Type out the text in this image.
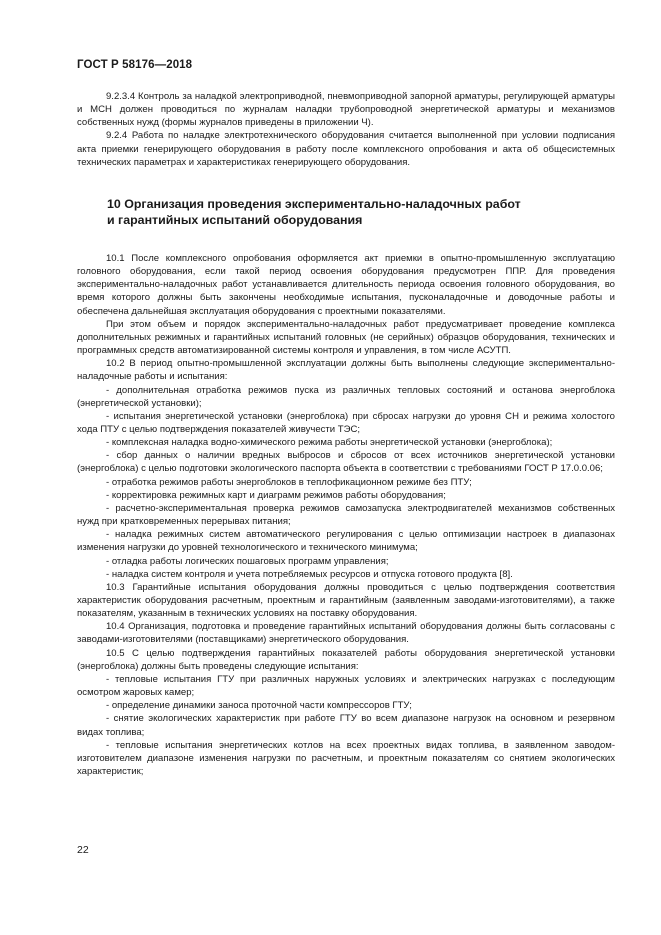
ГОСТ Р 58176—2018

9.2.3.4 Контроль за наладкой электроприводной, пневмоприводной запорной арматуры, регулирующей арматуры и МСН должен проводиться по журналам наладки трубопроводной энергетической арматуры и механизмов собственных нужд (формы журналов приведены в приложении Ч).

9.2.4 Работа по наладке электротехнического оборудования считается выполненной при условии подписания акта приемки генерирующего оборудования в работу после комплексного опробования и акта об общесистемных технических параметрах и характеристиках генерирующего оборудования.

10 Организация проведения экспериментально-наладочных работ
и гарантийных испытаний оборудования

10.1 После комплексного опробования оформляется акт приемки в опытно-промышленную эксплуатацию головного оборудования, если такой период освоения оборудования предусмотрен ППР. Для проведения экспериментально-наладочных работ устанавливается длительность периода освоения головного оборудования, во время которого должны быть закончены необходимые испытания, пусконаладочные и доводочные работы и обеспечена дальнейшая эксплуатация оборудования с проектными показателями.

При этом объем и порядок экспериментально-наладочных работ предусматривает проведение комплекса дополнительных режимных и гарантийных испытаний головных (не серийных) образцов оборудования, технических и программных средств автоматизированной системы контроля и управления, в том числе АСУТП.

10.2 В период опытно-промышленной эксплуатации должны быть выполнены следующие экспериментально-наладочные работы и испытания:

- дополнительная отработка режимов пуска из различных тепловых состояний и останова энергоблока (энергетической установки);

- испытания энергетической установки (энергоблока) при сбросах нагрузки до уровня СН и режима холостого хода ПТУ с целью подтверждения показателей живучести ТЭС;

- комплексная наладка водно-химического режима работы энергетической установки (энергоблока);

- сбор данных о наличии вредных выбросов и сбросов от всех источников энергетической установки (энергоблока) с целью подготовки экологического паспорта объекта в соответствии с требованиями ГОСТ Р 17.0.0.06;

- отработка режимов работы энергоблоков в теплофикационном режиме без ПТУ;

- корректировка режимных карт и диаграмм режимов работы оборудования;

- расчетно-экспериментальная проверка режимов самозапуска электродвигателей механизмов собственных нужд при кратковременных перерывах питания;

- наладка режимных систем автоматического регулирования с целью оптимизации настроек в диапазонах изменения нагрузки до уровней технологического и технического минимума;

- отладка работы логических пошаговых программ управления;

- наладка систем контроля и учета потребляемых ресурсов и отпуска готового продукта [8].

10.3 Гарантийные испытания оборудования должны проводиться с целью подтверждения соответствия характеристик оборудования расчетным, проектным и гарантийным (заявленным заводами-изготовителями), а также показателям, указанным в технических условиях на поставку оборудования.

10.4 Организация, подготовка и проведение гарантийных испытаний оборудования должны быть согласованы с заводами-изготовителями (поставщиками) энергетического оборудования.

10.5 С целью подтверждения гарантийных показателей работы оборудования энергетической установки (энергоблока) должны быть проведены следующие испытания:

- тепловые испытания ГТУ при различных наружных условиях и электрических нагрузках с последующим осмотром жаровых камер;

- определение динамики заноса проточной части компрессоров ГТУ;

- снятие экологических характеристик при работе ГТУ во всем диапазоне нагрузок на основном и резервном видах топлива;

- тепловые испытания энергетических котлов на всех проектных видах топлива, в заявленном заводом-изготовителем диапазоне изменения нагрузки по расчетным, и проектным показателям со снятием экологических характеристик;

22
